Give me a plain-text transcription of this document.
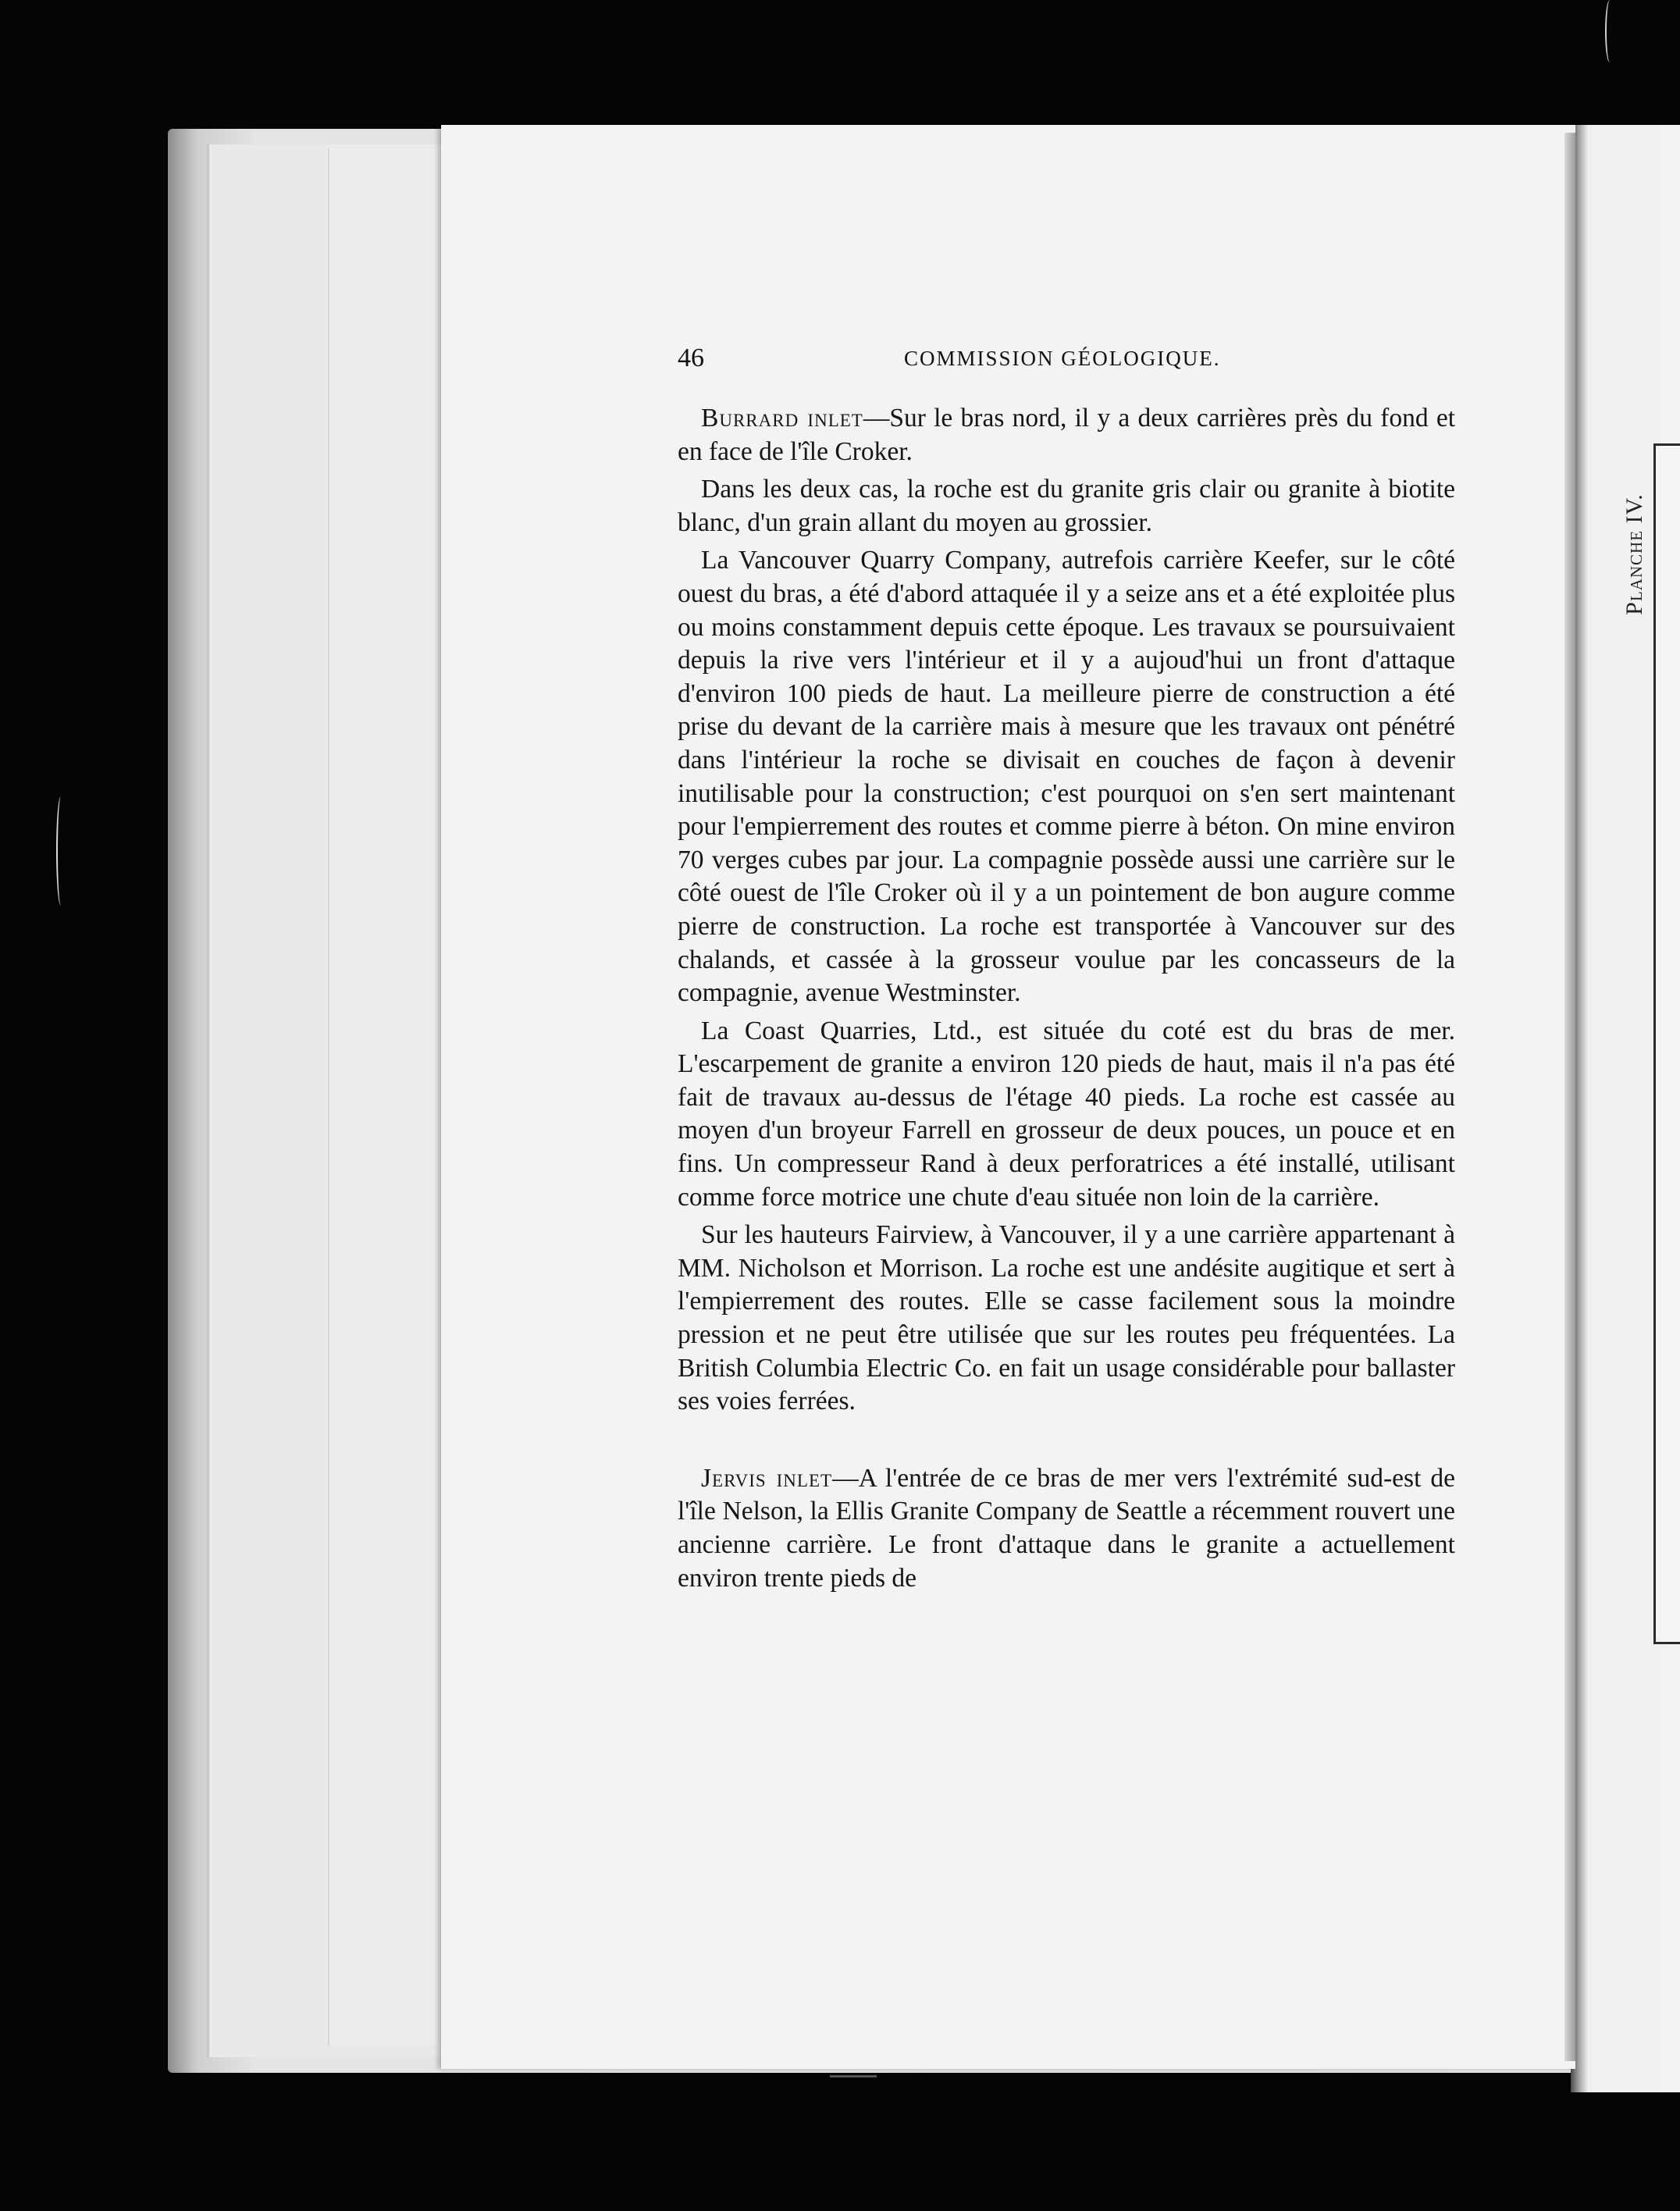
Planche IV.
46	COMMISSION GÉOLOGIQUE.

Burrard inlet—Sur le bras nord, il y a deux carrières près du fond et en face de l'île Croker.

Dans les deux cas, la roche est du granite gris clair ou granite à biotite blanc, d'un grain allant du moyen au grossier.

La Vancouver Quarry Company, autrefois carrière Keefer, sur le côté ouest du bras, a été d'abord attaquée il y a seize ans et a été exploitée plus ou moins constamment depuis cette époque. Les travaux se poursuivaient depuis la rive vers l'intérieur et il y a aujoud'hui un front d'attaque d'environ 100 pieds de haut. La meilleure pierre de construction a été prise du devant de la carrière mais à mesure que les travaux ont pénétré dans l'intérieur la roche se divisait en couches de façon à devenir inutilisable pour la construction; c'est pourquoi on s'en sert maintenant pour l'empierrement des routes et comme pierre à béton. On mine environ 70 verges cubes par jour. La compagnie possède aussi une carrière sur le côté ouest de l'île Croker où il y a un pointement de bon augure comme pierre de construction. La roche est transportée à Vancouver sur des chalands, et cassée à la grosseur voulue par les concasseurs de la compagnie, avenue Westminster.

La Coast Quarries, Ltd., est située du coté est du bras de mer. L'escarpement de granite a environ 120 pieds de haut, mais il n'a pas été fait de travaux au-dessus de l'étage 40 pieds. La roche est cassée au moyen d'un broyeur Farrell en grosseur de deux pouces, un pouce et en fins. Un compresseur Rand à deux perforatrices a été installé, utilisant comme force motrice une chute d'eau située non loin de la carrière.

Sur les hauteurs Fairview, à Vancouver, il y a une carrière appartenant à MM. Nicholson et Morrison. La roche est une andésite augitique et sert à l'empierrement des routes. Elle se casse facilement sous la moindre pression et ne peut être utilisée que sur les routes peu fréquentées. La British Columbia Electric Co. en fait un usage considérable pour ballaster ses voies ferrées.

Jervis inlet—A l'entrée de ce bras de mer vers l'extrémité sud-est de l'île Nelson, la Ellis Granite Company de Seattle a récemment rouvert une ancienne carrière. Le front d'attaque dans le granite a actuellement environ trente pieds de
